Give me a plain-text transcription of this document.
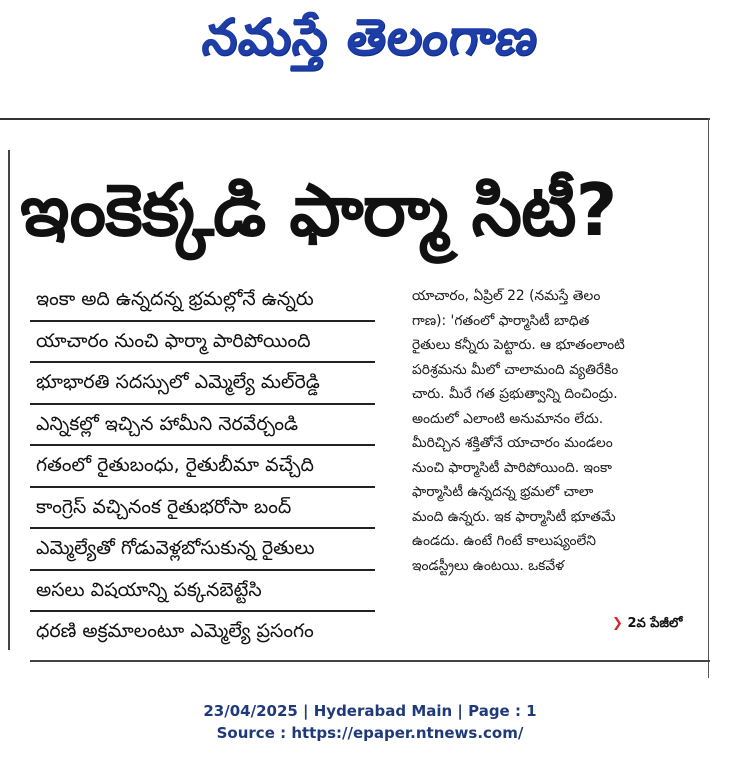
నమస్తే తెలంగాణ
ఇంకెక్కడి ఫార్మా సిటీ?
ఇంకా అది ఉన్నదన్న భ్రమల్లోనే ఉన్నరు
యాచారం నుంచి ఫార్మా పారిపోయింది
భూభారతి సదస్సులో ఎమ్మెల్యే మల్‌రెడ్డి
ఎన్నికల్లో ఇచ్చిన హామీని నెరవేర్చండి
గతంలో రైతుబంధు, రైతుబీమా వచ్చేది
కాంగ్రెస్ వచ్చినంక రైతుభరోసా బంద్
ఎమ్మెల్యేతో గోడువెళ్లబోసుకున్న రైతులు
అసలు విషయాన్ని పక్కనబెట్టేసి
ధరణి అక్రమాలంటూ ఎమ్మెల్యే ప్రసంగం

యాచారం, ఏప్రిల్ 22 (నమస్తే తెలం

గాణ): 'గతంలో ఫార్మాసిటీ బాధిత

రైతులు కన్నీరు పెట్టారు. ఆ భూతంలాంటి

పరిశ్రమను మీలో చాలామంది వ్యతిరేకిం

చారు. మీరే గత ప్రభుత్వాన్ని దించింద్రు.

అందులో ఎలాంటి అనుమానం లేదు.

మీరిచ్చిన శక్తితోనే యాచారం మండలం

నుంచి ఫార్మాసిటీ పారిపోయింది. ఇంకా

ఫార్మాసిటీ ఉన్నదన్న భ్రమలో చాలా

మంది ఉన్నరు. ఇక ఫార్మాసిటీ భూతమే

ఉండదు. ఉంటే గింటే కాలుష్యంలేని

ఇండస్ట్రీలు ఉంటయి. ఒకవేళ

❯ 2వ పేజీలో
23/04/2025 | Hyderabad Main | Page : 1
Source : https://epaper.ntnews.com/
